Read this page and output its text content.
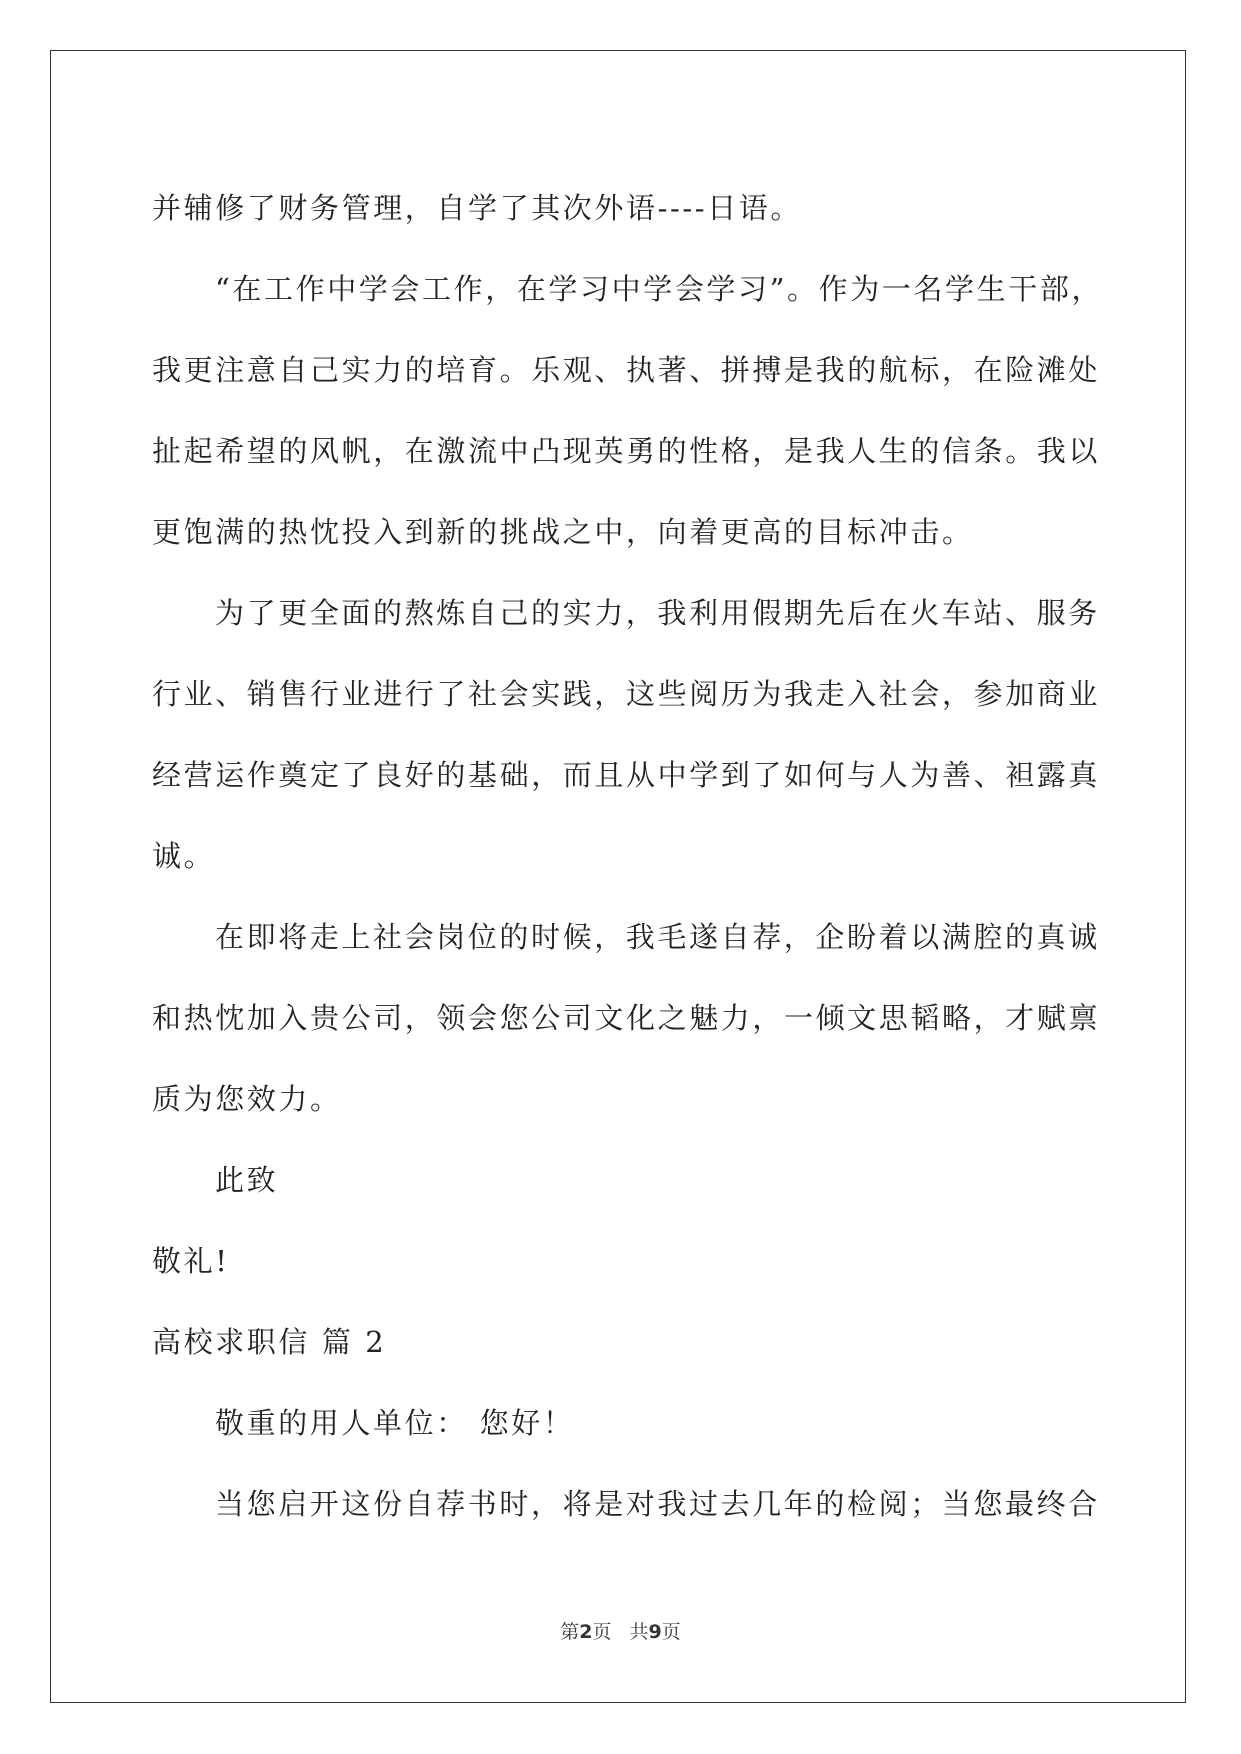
并辅修了财务管理，自学了其次外语----日语。
“在工作中学会工作，在学习中学会学习”。作为一名学生干部，
我更注意自己实力的培育。乐观、执著、拼搏是我的航标，在险滩处
扯起希望的风帆，在激流中凸现英勇的性格，是我人生的信条。我以
更饱满的热忱投入到新的挑战之中，向着更高的目标冲击。
为了更全面的熬炼自己的实力，我利用假期先后在火车站、服务
行业、销售行业进行了社会实践，这些阅历为我走入社会，参加商业
经营运作奠定了良好的基础，而且从中学到了如何与人为善、袒露真
诚。
在即将走上社会岗位的时候，我毛遂自荐，企盼着以满腔的真诚
和热忱加入贵公司，领会您公司文化之魅力，一倾文思韬略，才赋禀
质为您效力。
此致
敬礼!
高校求职信 篇 2
敬重的用人单位： 您好！
当您启开这份自荐书时，将是对我过去几年的检阅；当您最终合
第2页 共9页
